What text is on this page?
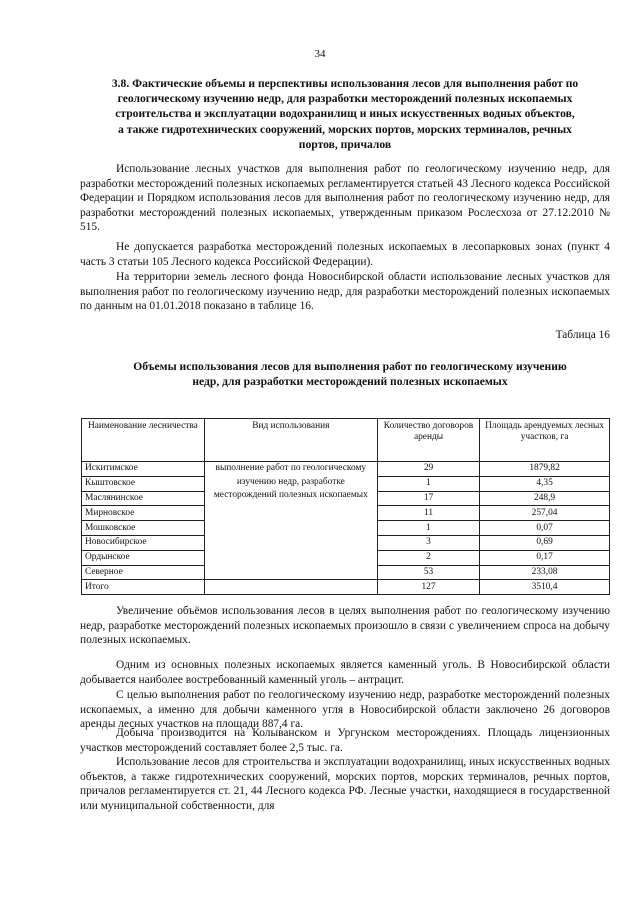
34
3.8. Фактические объемы и перспективы использования лесов для выполнения работ по
геологическому изучению недр, для разработки месторождений полезных ископаемых
строительства и эксплуатации водохранилищ и иных искусственных водных объектов,
а также гидротехнических сооружений, морских портов, морских терминалов, речных
портов, причалов

Использование лесных участков для выполнения работ по геологическому изучению недр, для разработки месторождений полезных ископаемых регламентируется статьей 43 Лесного кодекса Российской Федерации и Порядком использования лесов для выполнения работ по геологическому изучению недр, для разработки месторождений полезных ископаемых, утвержденным приказом Рослесхоза от 27.12.2010 № 515.

Не допускается разработка месторождений полезных ископаемых в лесопарковых зонах (пункт 4 часть 3 статьи 105 Лесного кодекса Российской Федерации).

На территории земель лесного фонда Новосибирской области использование лесных участков для выполнения работ по геологическому изучению недр, для разработки месторождений полезных ископаемых по данным на 01.01.2018 показано в таблице 16.

Таблица 16
Объемы использования лесов для выполнения работ по геологическому изучению
недр, для разработки месторождений полезных ископаемых
Наименование лесничества	Вид использования	Количество договоров аренды	Площадь арендуемых лесных участков, га
Искитимское	выполнение работ по геологическому изучению недр, разработке месторождений полезных ископаемых	29	1879,82
Кыштовское		1	4,35
Маслянинское		17	248,9
Мирновское		11	257,04
Мошковское		1	0,07
Новосибирское		3	0,69
Ордынское		2	0,17
Северное		53	233,08
Итого		127	3510,4

Увеличение объёмов использования лесов в целях выполнения работ по геологическому изучению недр, разработке месторождений полезных ископаемых произошло в связи с увеличением спроса на добычу полезных ископаемых.

Одним из основных полезных ископаемых является каменный уголь. В Новосибирской области добывается наиболее востребованный каменный уголь – антрацит.

С целью выполнения работ по геологическому изучению недр, разработке месторождений полезных ископаемых, а именно для добычи каменного угля в Новосибирской области заключено 26 договоров аренды лесных участков на площади 887,4 га.

Добыча производится на Колыванском и Ургунском месторождениях. Площадь лицензионных участков месторождений составляет более 2,5 тыс. га.

Использование лесов для строительства и эксплуатации водохранилищ, иных искусственных водных объектов, а также гидротехнических сооружений, морских портов, морских терминалов, речных портов, причалов регламентируется ст. 21, 44 Лесного кодекса РФ. Лесные участки, находящиеся в государственной или муниципальной собственности, для
